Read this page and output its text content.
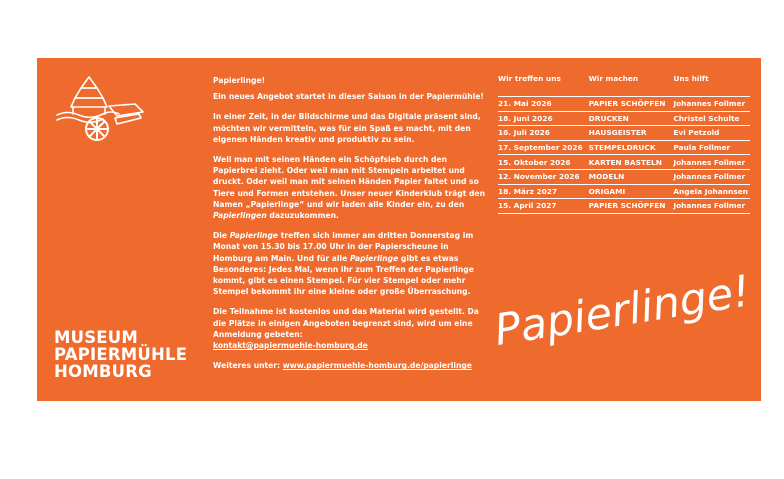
MUSEUM
PAPIERMÜHLE
HOMBURG

Papierlinge!

Ein neues Angebot startet in dieser Saison in der Papiermühle!

In einer Zeit, in der Bildschirme und das Digitale präsent sind, möchten wir vermitteln, was für ein Spaß es macht, mit den eigenen Händen kreativ und produktiv zu sein.

Weil man mit seinen Händen ein Schöpfsieb durch den Papierbrei zieht. Oder weil man mit Stempeln arbeitet und druckt. Oder weil man mit seinen Händen Papier faltet und so Tiere und Formen entstehen. Unser neuer Kinderklub trägt den Namen „Papierlinge“ und wir laden alle Kinder ein, zu den Papierlingen dazuzukommen.

Die Papierlinge treffen sich immer am dritten Donnerstag im Monat von 15.30 bis 17.00 Uhr in der Papierscheune in Homburg am Main. Und für alle Papierlinge gibt es etwas Besonderes: Jedes Mal, wenn ihr zum Treffen der Papierlinge kommt, gibt es einen Stempel. Für vier Stempel oder mehr Stempel bekommt ihr eine kleine oder große Überraschung.

Die Teilnahme ist kostenlos und das Material wird gestellt. Da die Plätze in einigen Angeboten begrenzt sind, wird um eine Anmeldung gebeten:
kontakt@papiermuehle-homburg.de

Weiteres unter: www.papiermuehle-homburg.de/papierlinge

Wir treffen uns	Wir machen	Uns hilft
21. Mai 2026	PAPIER SCHÖPFEN	Johannes Follmer
18. Juni 2026	DRUCKEN	Christel Schulte
16. Juli 2026	HAUSGEISTER	Evi Petzold
17. September 2026	STEMPELDRUCK	Paula Follmer
15. Oktober 2026	KARTEN BASTELN	Johannes Follmer
12. November 2026	MODELN	Johannes Follmer
18. März 2027	ORIGAMI	Angela Johannsen
15. April 2027	PAPIER SCHÖPFEN	Johannes Follmer
Papierlinge!
